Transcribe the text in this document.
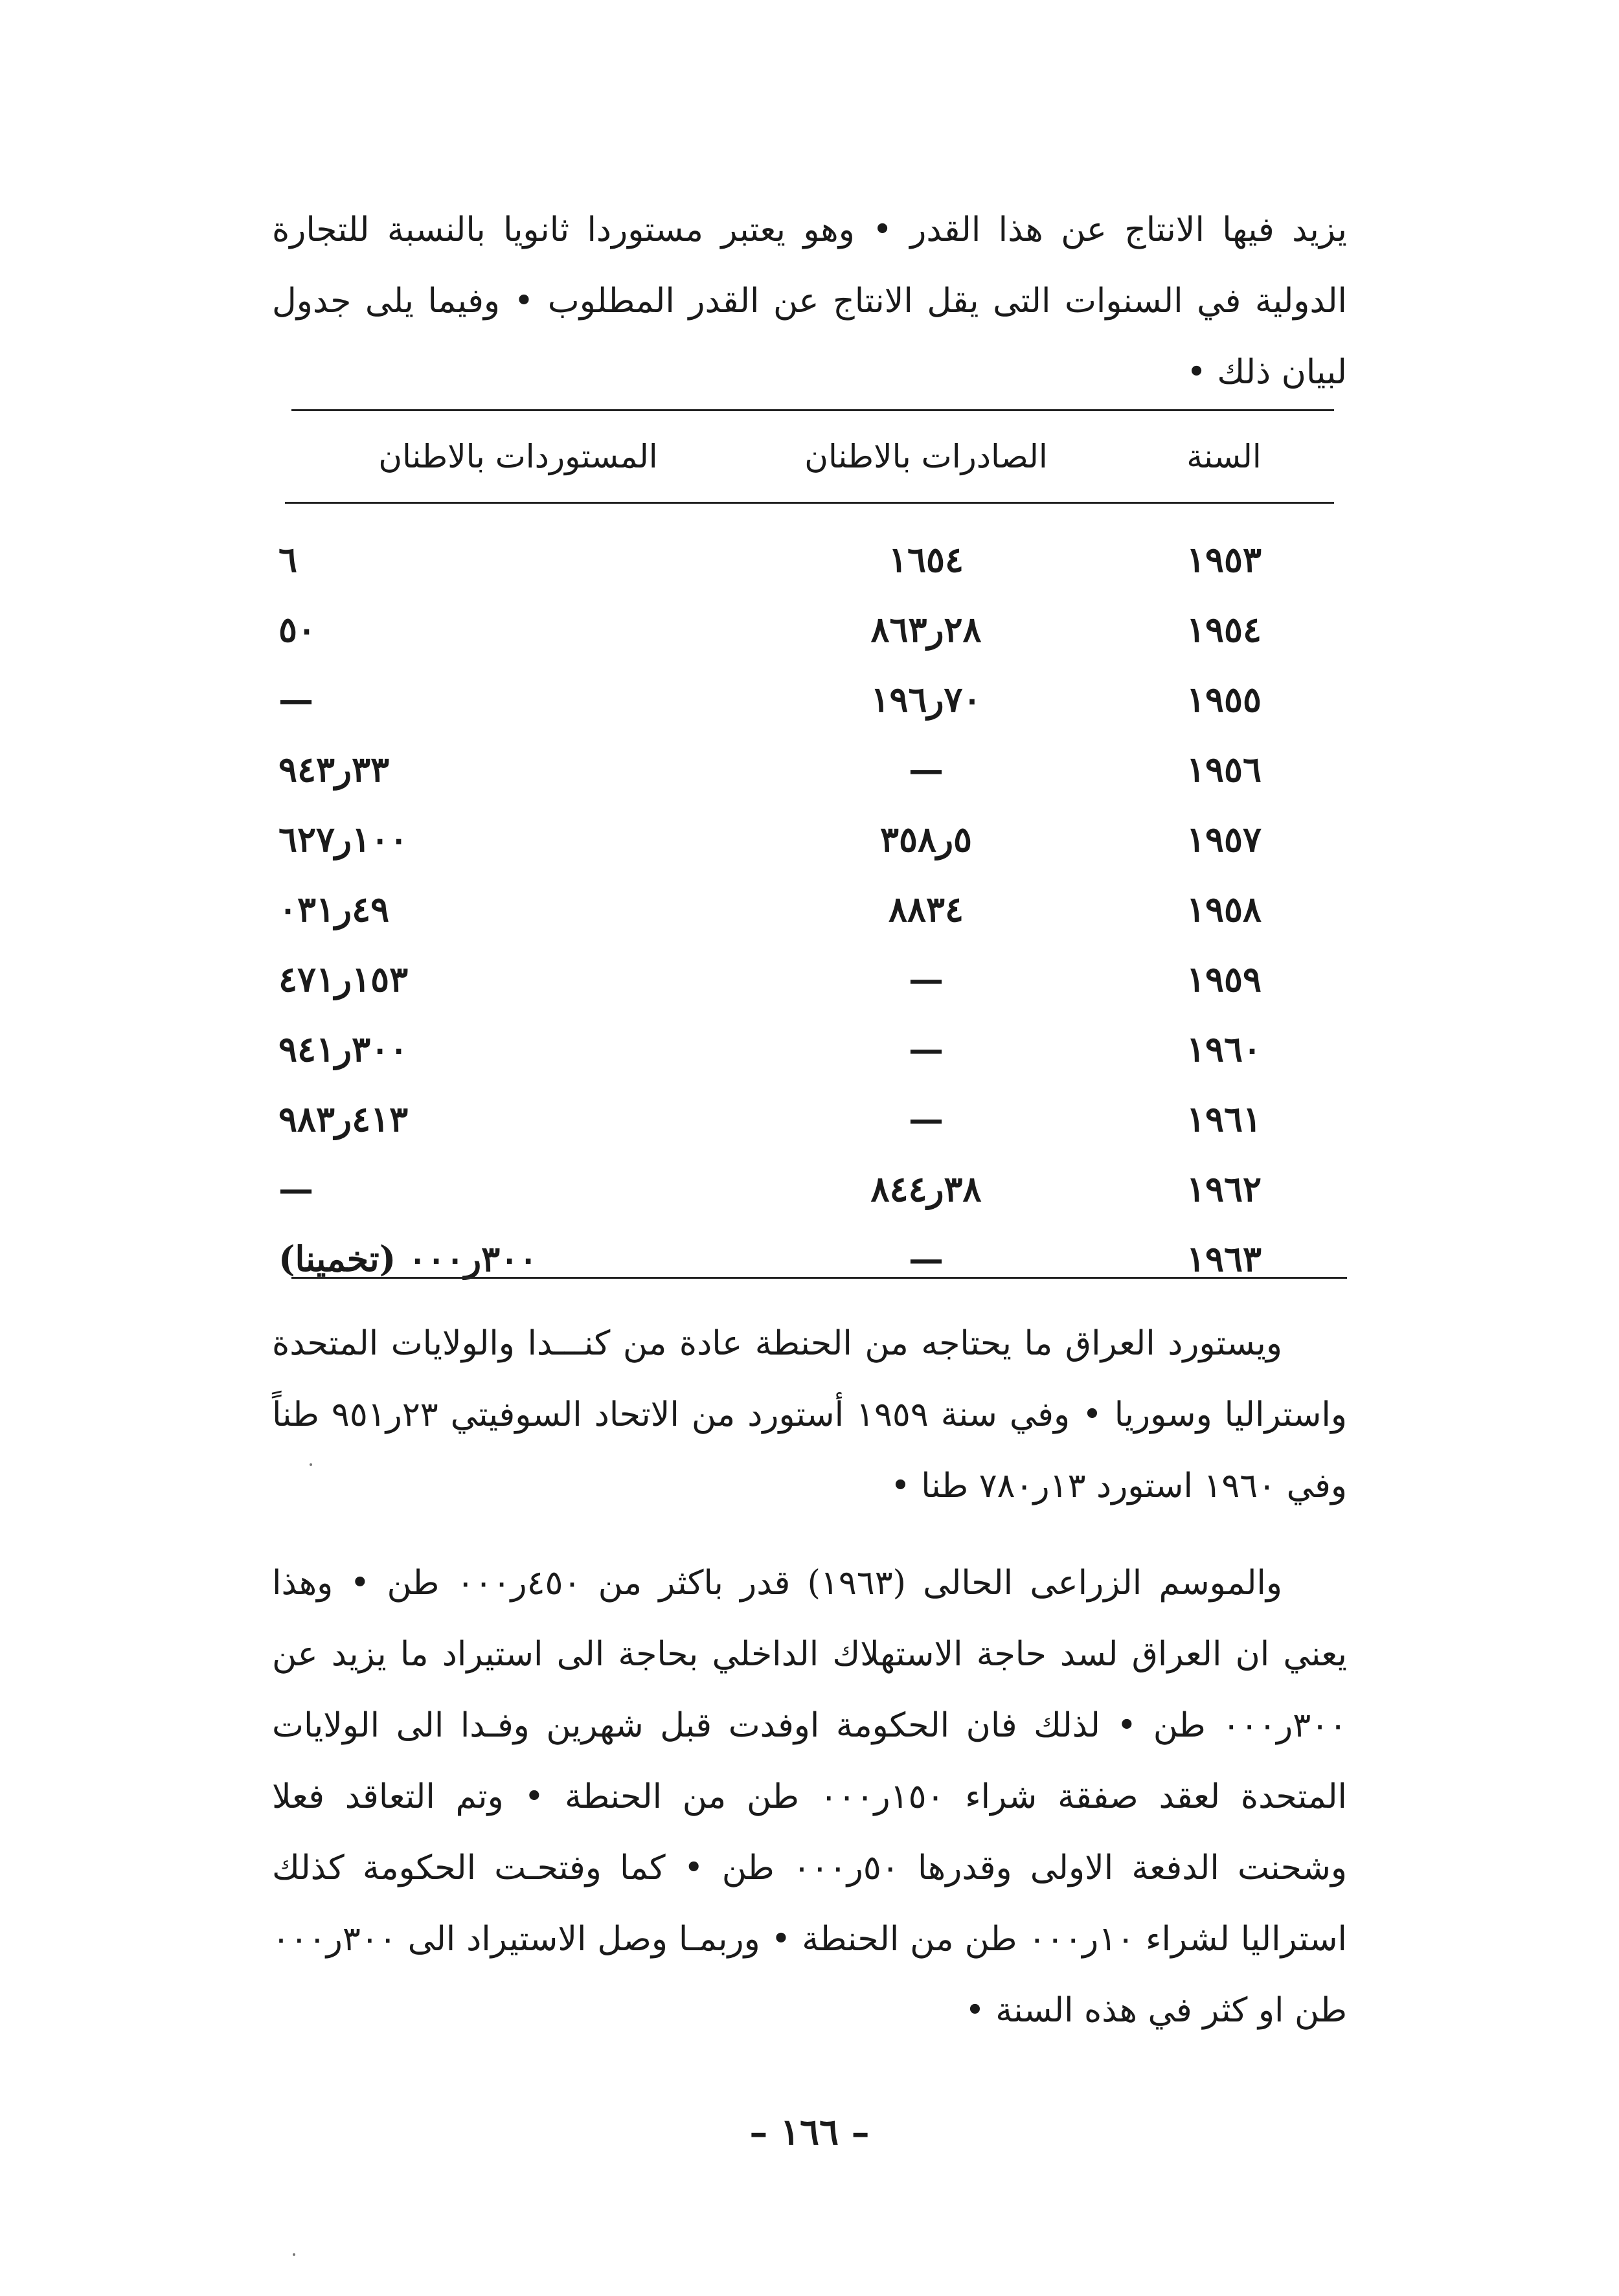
يزيد فيها الانتاج عن هذا القدر • وهو يعتبر مستوردا ثانويا بالنسبة للتجارة الدولية في السنوات التى يقل الانتاج عن القدر المطلوب • وفيما يلى جدول لبيان ذلك •

السنة
الصادرات بالاطنان
المستوردات بالاطنان
١٩٥٣
١٦٥٤
٦
١٩٥٤
٢٨ر٨٦٣
٥٠
١٩٥٥
٧٠ر١٩٦
—
١٩٥٦
—
٣٣ر٩٤٣
١٩٥٧
٥ر٣٥٨
١٠٠ر٦٢٧
١٩٥٨
٨٨٣٤
٤٩ر٠٣١
١٩٥٩
—
١٥٣ر٤٧١
١٩٦٠
—
٣٠٠ر٩٤١
١٩٦١
—
٤١٣ر٩٨٣
١٩٦٢
٣٨ر٨٤٤
—
١٩٦٣
—
٣٠٠ر٠٠٠ (تخمينا)

ويستورد العراق ما يحتاجه من الحنطة عادة من كنـــدا والولايات المتحدة واستراليا وسوريا • وفي سنة ١٩٥٩ أستورد من الاتحاد السوفيتي ٢٣ر٩٥١ طناً وفي ١٩٦٠ استورد ١٣ر٧٨٠ طنا •

والموسم الزراعى الحالى (١٩٦٣) قدر باكثر من ٤٥٠ر٠٠٠ طن • وهذا يعني ان العراق لسد حاجة الاستهلاك الداخلي بحاجة الى استيراد ما يزيد عن ٣٠٠ر٠٠٠ طن • لذلك فان الحكومة اوفدت قبل شهرين وفـدا الى الولايات المتحدة لعقد صفقة شراء ١٥٠ر٠٠٠ طن من الحنطة • وتم التعاقد فعلا وشحنت الدفعة الاولى وقدرها ٥٠ر٠٠٠ طن • كما وفتحـت الحكومة كذلك استراليا لشراء ١٠ر٠٠٠ طن من الحنطة • وربمـا وصل الاستيراد الى ٣٠٠ر٠٠٠ طن او كثر في هذه السنة •

– ١٦٦ –
